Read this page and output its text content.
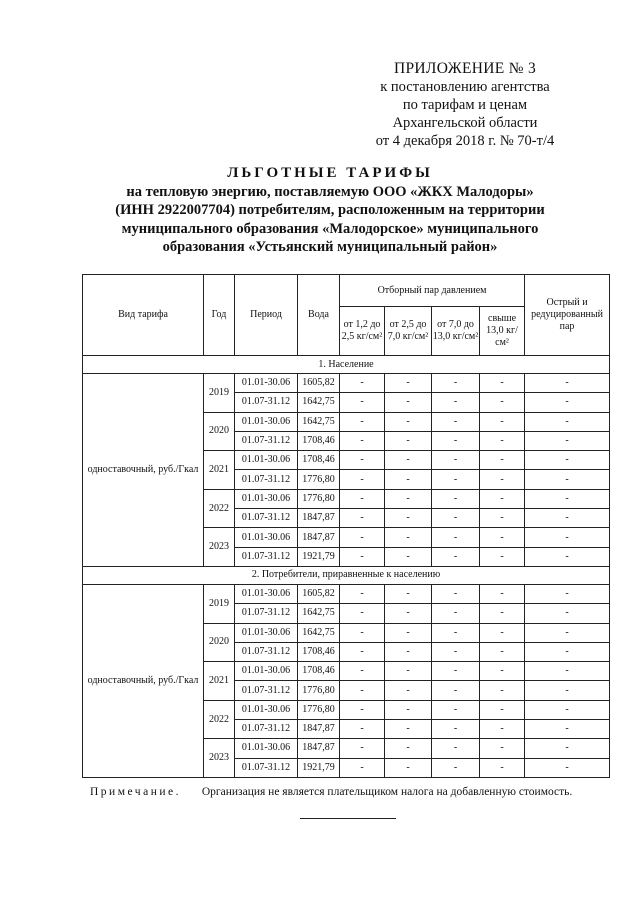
ПРИЛОЖЕНИЕ № 3
к постановлению агентства
по тарифам и ценам
Архангельской области
от 4 декабря 2018 г. № 70-т/4
ЛЬГОТНЫЕ ТАРИФЫ
на тепловую энергию, поставляемую ООО «ЖКХ Малодоры»
(ИНН 2922007704) потребителям, расположенным на территории
муниципального образования «Малодорское» муниципального
образования «Устьянский муниципальный район»
Вид тарифа	Год	Период	Вода	Отборный пар давлением				Острый и редуцированный пар
				от 1,2 до 2,5 кг/см²	от 2,5 до 7,0 кг/см²	от 7,0 до 13,0 кг/см²	свыше 13,0 кг/см²	
1. Население								
одноставочный, руб./Гкал	2019	01.01-30.06	1605,82	-	-	-	-	-
		01.07-31.12	1642,75	-	-	-	-	-
	2020	01.01-30.06	1642,75	-	-	-	-	-
		01.07-31.12	1708,46	-	-	-	-	-
	2021	01.01-30.06	1708,46	-	-	-	-	-
		01.07-31.12	1776,80	-	-	-	-	-
	2022	01.01-30.06	1776,80	-	-	-	-	-
		01.07-31.12	1847,87	-	-	-	-	-
	2023	01.01-30.06	1847,87	-	-	-	-	-
		01.07-31.12	1921,79	-	-	-	-	-
2. Потребители, приравненные к населению								
одноставочный, руб./Гкал	2019	01.01-30.06	1605,82	-	-	-	-	-
		01.07-31.12	1642,75	-	-	-	-	-
	2020	01.01-30.06	1642,75	-	-	-	-	-
		01.07-31.12	1708,46	-	-	-	-	-
	2021	01.01-30.06	1708,46	-	-	-	-	-
		01.07-31.12	1776,80	-	-	-	-	-
	2022	01.01-30.06	1776,80	-	-	-	-	-
		01.07-31.12	1847,87	-	-	-	-	-
	2023	01.01-30.06	1847,87	-	-	-	-	-
		01.07-31.12	1921,79	-	-	-	-	-
Примечание. Организация не является плательщиком налога на добавленную стоимость.
